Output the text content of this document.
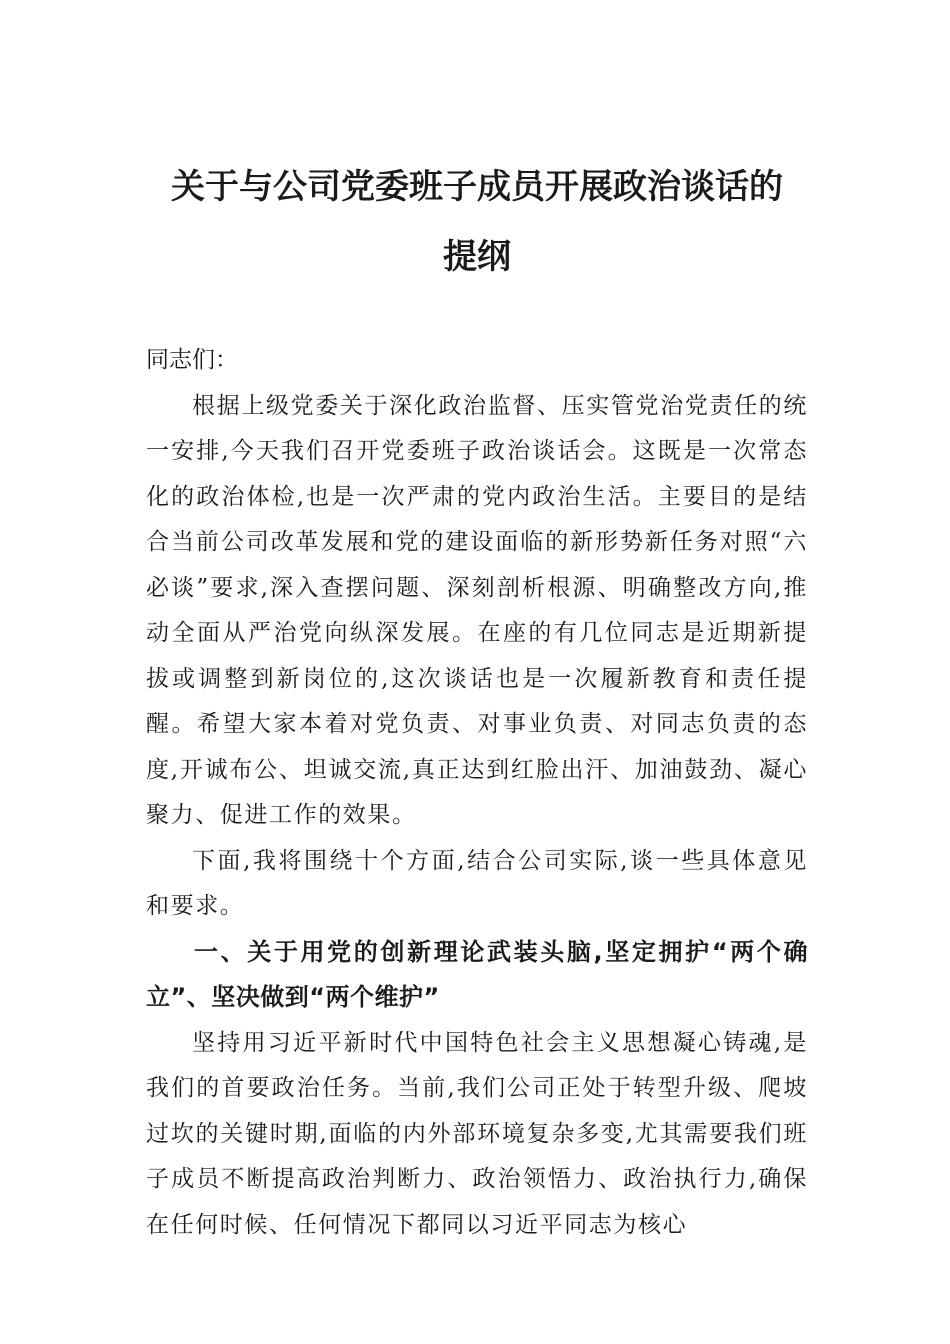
关于与公司党委班子成员开展政治谈话的
提纲

同志们：

根据上级党委关于深化政治监督、压实管党治党责任的统一安排,今天我们召开党委班子政治谈话会。这既是一次常态化的政治体检,也是一次严肃的党内政治生活。主要目的是结合当前公司改革发展和党的建设面临的新形势新任务对照“六必谈”要求,深入查摆问题、深刻剖析根源、明确整改方向,推动全面从严治党向纵深发展。在座的有几位同志是近期新提拔或调整到新岗位的,这次谈话也是一次履新教育和责任提醒。希望大家本着对党负责、对事业负责、对同志负责的态度,开诚布公、坦诚交流,真正达到红脸出汗、加油鼓劲、凝心聚力、促进工作的效果。

下面,我将围绕十个方面,结合公司实际,谈一些具体意见和要求。

一、关于用党的创新理论武装头脑,坚定拥护“两个确立”、坚决做到“两个维护”

坚持用习近平新时代中国特色社会主义思想凝心铸魂,是我们的首要政治任务。当前,我们公司正处于转型升级、爬坡过坎的关键时期,面临的内外部环境复杂多变,尤其需要我们班子成员不断提高政治判断力、政治领悟力、政治执行力,确保在任何时候、任何情况下都同以习近平同志为核心
